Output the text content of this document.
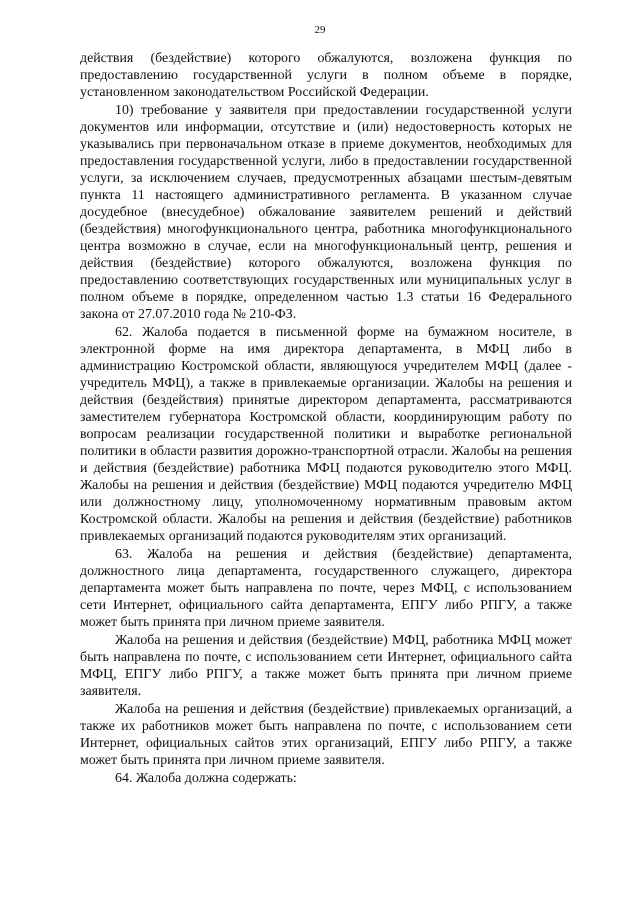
29

действия (бездействие) которого обжалуются, возложена функция по предоставлению государственной услуги в полном объеме в порядке, установленном законодательством Российской Федерации.

10) требование у заявителя при предоставлении государственной услуги документов или информации, отсутствие и (или) недостоверность которых не указывались при первоначальном отказе в приеме документов, необходимых для предоставления государственной услуги, либо в предоставлении государственной услуги, за исключением случаев, предусмотренных абзацами шестым-девятым пункта 11 настоящего административного регламента. В указанном случае досудебное (внесудебное) обжалование заявителем решений и действий (бездействия) многофункционального центра, работника многофункционального центра возможно в случае, если на многофункциональный центр, решения и действия (бездействие) которого обжалуются, возложена функция по предоставлению соответствующих государственных или муниципальных услуг в полном объеме в порядке, определенном частью 1.3 статьи 16 Федерального закона от 27.07.2010 года № 210-ФЗ.

62. Жалоба подается в письменной форме на бумажном носителе, в электронной форме на имя директора департамента, в МФЦ либо в администрацию Костромской области, являющуюся учредителем МФЦ (далее - учредитель МФЦ), а также в привлекаемые организации. Жалобы на решения и действия (бездействия) принятые директором департамента, рассматриваются заместителем губернатора Костромской области, координирующим работу по вопросам реализации государственной политики и выработке региональной политики в области развития дорожно-транспортной отрасли. Жалобы на решения и действия (бездействие) работника МФЦ подаются руководителю этого МФЦ. Жалобы на решения и действия (бездействие) МФЦ подаются учредителю МФЦ или должностному лицу, уполномоченному нормативным правовым актом Костромской области. Жалобы на решения и действия (бездействие) работников привлекаемых организаций подаются руководителям этих организаций.

63. Жалоба на решения и действия (бездействие) департамента, должностного лица департамента, государственного служащего, директора департамента может быть направлена по почте, через МФЦ, с использованием сети Интернет, официального сайта департамента, ЕПГУ либо РПГУ, а также может быть принята при личном приеме заявителя.

Жалоба на решения и действия (бездействие) МФЦ, работника МФЦ может быть направлена по почте, с использованием сети Интернет, официального сайта МФЦ, ЕПГУ либо РПГУ, а также может быть принята при личном приеме заявителя.

Жалоба на решения и действия (бездействие) привлекаемых организаций, а также их работников может быть направлена по почте, с использованием сети Интернет, официальных сайтов этих организаций, ЕПГУ либо РПГУ, а также может быть принята при личном приеме заявителя.

64. Жалоба должна содержать:
